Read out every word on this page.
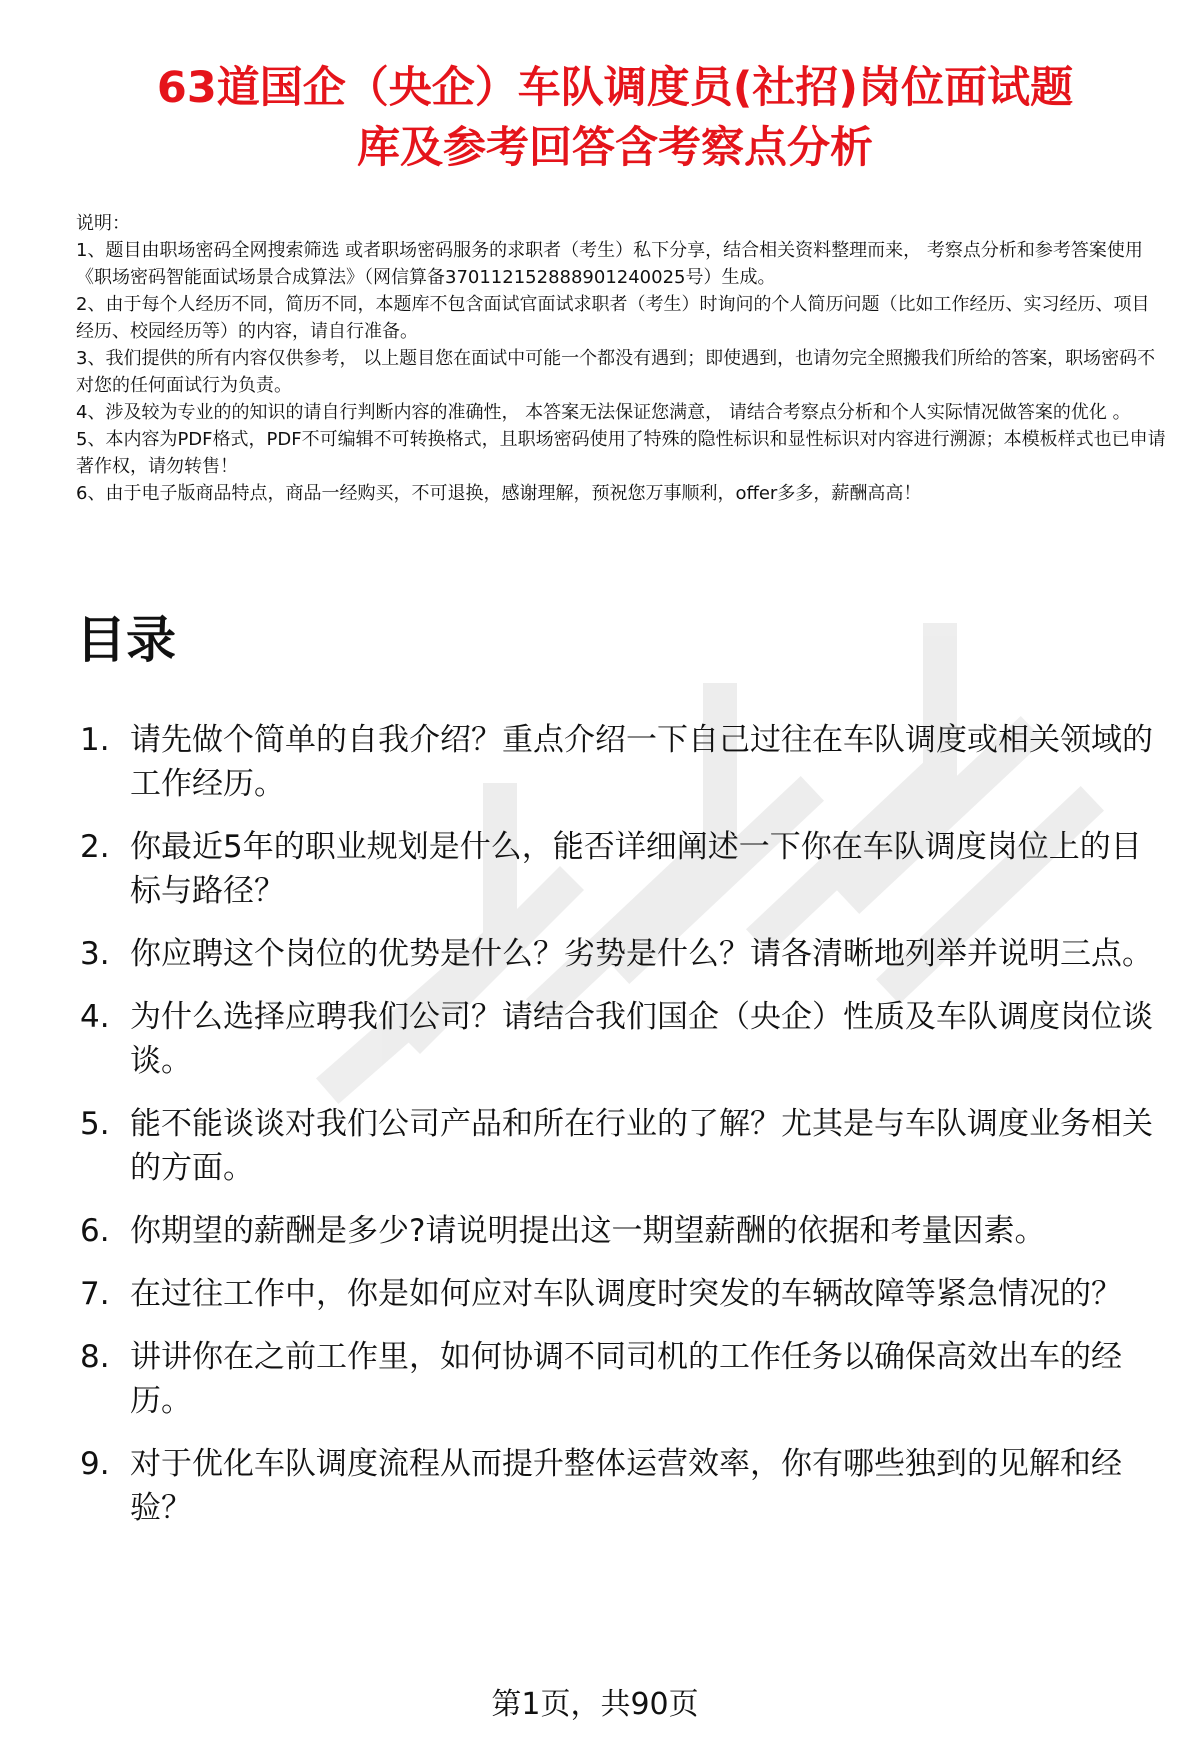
63道国企（央企）车队调度员(社招)岗位面试题
库及参考回答含考察点分析

说明：

1、题目由职场密码全网搜索筛选 或者职场密码服务的求职者（考生）私下分享，结合相关资料整理而来， 考察点分析和参考答案使用《职场密码智能面试场景合成算法》（网信算备370112152888901240025号）生成。

2、由于每个人经历不同，简历不同，本题库不包含面试官面试求职者（考生）时询问的个人简历问题（比如工作经历、实习经历、项目经历、校园经历等）的内容，请自行准备。

3、我们提供的所有内容仅供参考， 以上题目您在面试中可能一个都没有遇到；即使遇到，也请勿完全照搬我们所给的答案，职场密码不对您的任何面试行为负责。

4、涉及较为专业的的知识的请自行判断内容的准确性， 本答案无法保证您满意， 请结合考察点分析和个人实际情况做答案的优化 。

5、本内容为PDF格式，PDF不可编辑不可转换格式，且职场密码使用了特殊的隐性标识和显性标识对内容进行溯源；本模板样式也已申请著作权，请勿转售！

6、由于电子版商品特点，商品一经购买，不可退换，感谢理解，预祝您万事顺利，offer多多，薪酬高高！

目录
1. 请先做个简单的自我介绍？重点介绍一下自己过往在车队调度或相关领域的工作经历。
2. 你最近5年的职业规划是什么，能否详细阐述一下你在车队调度岗位上的目标与路径？
3. 你应聘这个岗位的优势是什么？劣势是什么？请各清晰地列举并说明三点。
4. 为什么选择应聘我们公司？请结合我们国企（央企）性质及车队调度岗位谈谈。
5. 能不能谈谈对我们公司产品和所在行业的了解？尤其是与车队调度业务相关的方面。
6. 你期望的薪酬是多少?请说明提出这一期望薪酬的依据和考量因素。
7. 在过往工作中，你是如何应对车队调度时突发的车辆故障等紧急情况的？
8. 讲讲你在之前工作里，如何协调不同司机的工作任务以确保高效出车的经历。
9. 对于优化车队调度流程从而提升整体运营效率，你有哪些独到的见解和经验？
第1页，共90页
